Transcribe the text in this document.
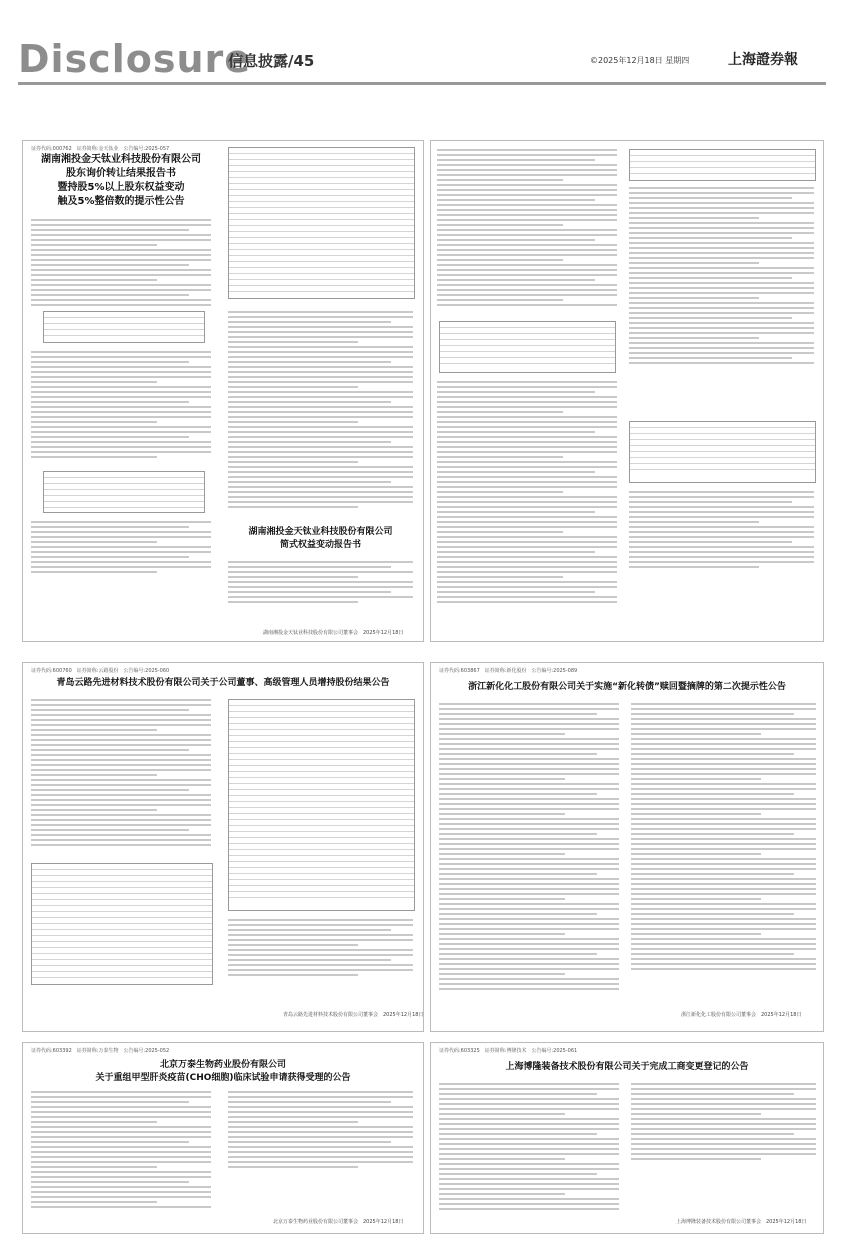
Disclosure
信息披露/45	©2025年12月18日 星期四	上海證券報
证券代码:000762　证券简称:金天钛业　公告编号:2025-057
湖南湘投金天钛业科技股份有限公司
股东询价转让结果报告书
暨持股5%以上股东权益变动
触及5%整倍数的提示性公告
湖南湘投金天钛业科技股份有限公司
简式权益变动报告书
湖南湘投金天钛业科技股份有限公司董事会　2025年12月18日
证券代码:600760　证券简称:云路股份　公告编号:2025-060
青岛云路先进材料技术股份有限公司关于公司董事、高级管理人员增持股份结果公告
青岛云路先进材料技术股份有限公司董事会　2025年12月18日
证券代码:603867　证券简称:新化股份　公告编号:2025-089
浙江新化化工股份有限公司关于实施“新化转债”赎回暨摘牌的第二次提示性公告
浙江新化化工股份有限公司董事会　2025年12月18日
证券代码:603392　证券简称:万泰生物　公告编号:2025-052
北京万泰生物药业股份有限公司
关于重组甲型肝炎疫苗(CHO细胞)临床试验申请获得受理的公告
北京万泰生物药业股份有限公司董事会　2025年12月18日
证券代码:603325　证券简称:博隆技术　公告编号:2025-061
上海博隆装备技术股份有限公司关于完成工商变更登记的公告
上海博隆装备技术股份有限公司董事会　2025年12月18日
